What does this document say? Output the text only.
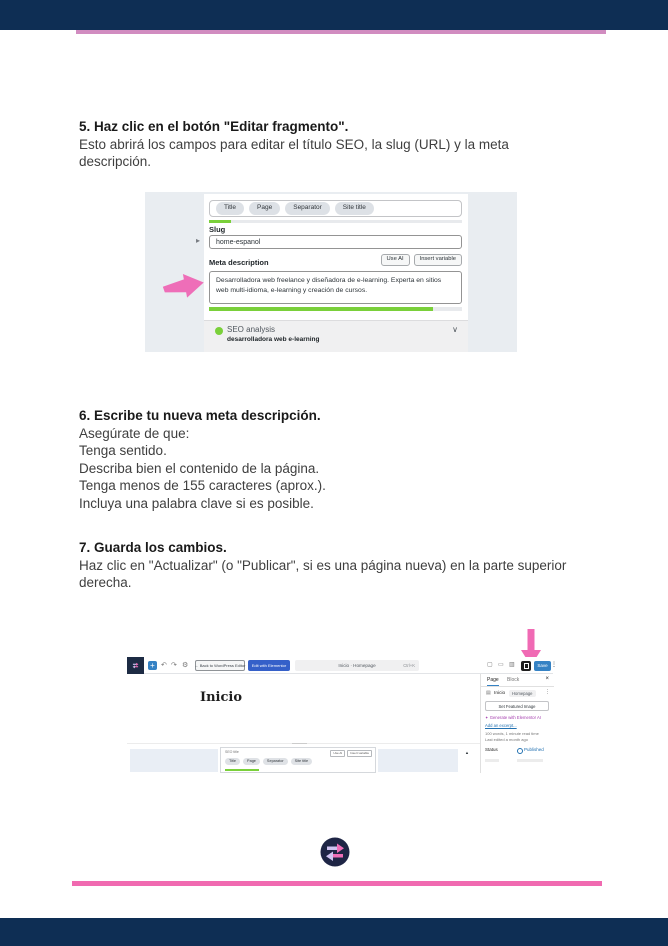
5. Haz clic en el botón "Editar fragmento".
Esto abrirá los campos para editar el título SEO, la slug (URL) y la meta
descripción.
Title	Page	Separator	Site title
Slug
▸	home-espanol
Meta description	Use AI	Insert variable
Desarrolladora web freelance y diseñadora de e-learning. Experta en sitios web multi-idioma, e-learning y creación de cursos.
SEO analysis
desarrolladora web e-learning
∨
6. Escribe tu nueva meta descripción.
Asegúrate de que:
Tenga sentido.
Describa bien el contenido de la página.
Tenga menos de 155 caracteres (aprox.).
Incluya una palabra clave si es posible.
7. Guarda los cambios.
Haz clic en "Actualizar" (o "Publicar", si es una página nueva) en la parte superior
derecha.
+ ↶ ↷ ⚙ ← Back to WordPress Editor	Edit with Elementor	Inicio · Homepage	Ctrl+K	▢ ▭ ▥	Save ⋮
Inicio
Page Block	×
▤ Inicio	Homepage	⋮
Set Featured Image
✦ Generate with Elementor AI
Add an excerpt...
100 words, 1 minute read time
Last edited a month ago
Status	Published
SEO title	Use AI	Insert variable
Title	Page	Separator	Site title
▲
